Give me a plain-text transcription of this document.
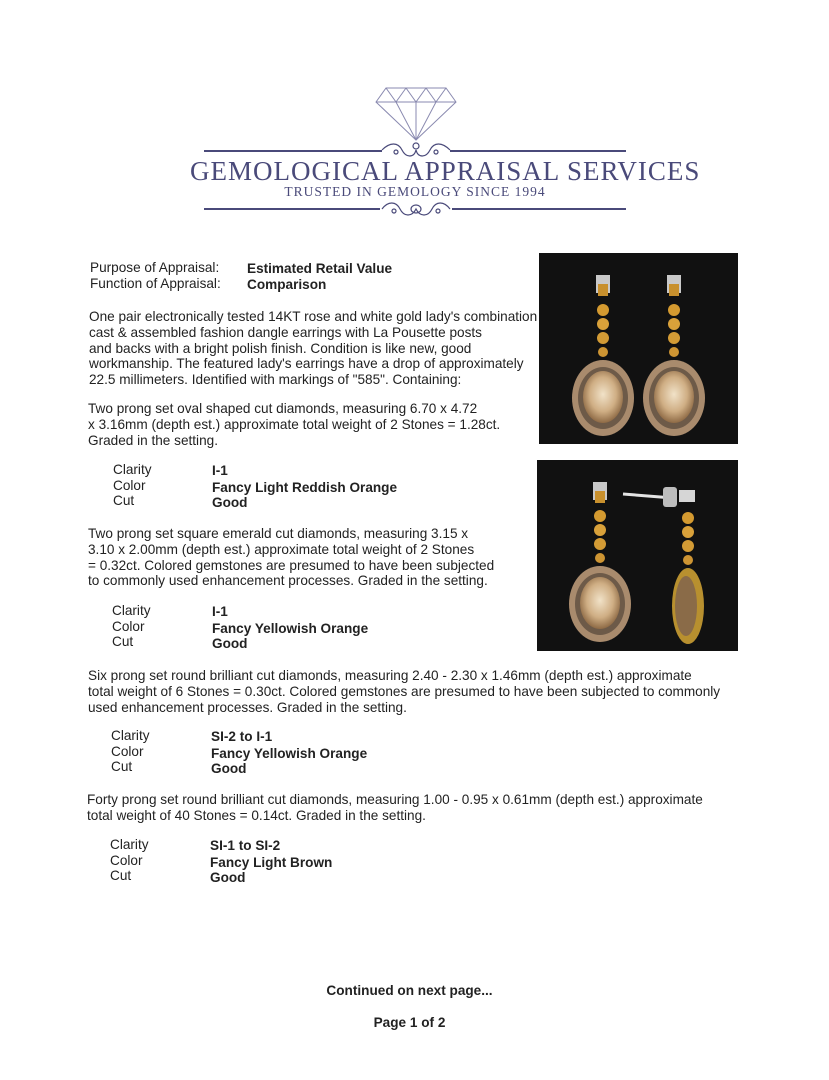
GEMOLOGICAL APPRAISAL SERVICES
TRUSTED IN GEMOLOGY SINCE 1994
Purpose of Appraisal: Estimated Retail Value
Function of Appraisal: Comparison
One pair electronically tested 14KT rose and white gold lady's combination
cast & assembled fashion dangle earrings with La Pousette posts
and backs with a bright polish finish. Condition is like new, good
workmanship. The featured lady's earrings have a drop of approximately
22.5 millimeters. Identified with markings of "585". Containing:
Two prong set oval shaped cut diamonds, measuring 6.70 x 4.72
x 3.16mm (depth est.) approximate total weight of 2 Stones = 1.28ct.
Graded in the setting.
Clarity	I-1
Color	Fancy Light Reddish Orange
Cut	Good
Two prong set square emerald cut diamonds, measuring 3.15 x
3.10 x 2.00mm (depth est.) approximate total weight of 2 Stones
= 0.32ct. Colored gemstones are presumed to have been subjected
to commonly used enhancement processes. Graded in the setting.
Clarity	I-1
Color	Fancy Yellowish Orange
Cut	Good
Six prong set round brilliant cut diamonds, measuring 2.40 - 2.30 x 1.46mm (depth est.) approximate
total weight of 6 Stones = 0.30ct. Colored gemstones are presumed to have been subjected to commonly
used enhancement processes. Graded in the setting.
Clarity	SI-2 to I-1
Color	Fancy Yellowish Orange
Cut	Good
Forty prong set round brilliant cut diamonds, measuring 1.00 - 0.95 x 0.61mm (depth est.) approximate
total weight of 40 Stones = 0.14ct. Graded in the setting.
Clarity	SI-1 to SI-2
Color	Fancy Light Brown
Cut	Good
Continued on next page...
Page 1 of 2
